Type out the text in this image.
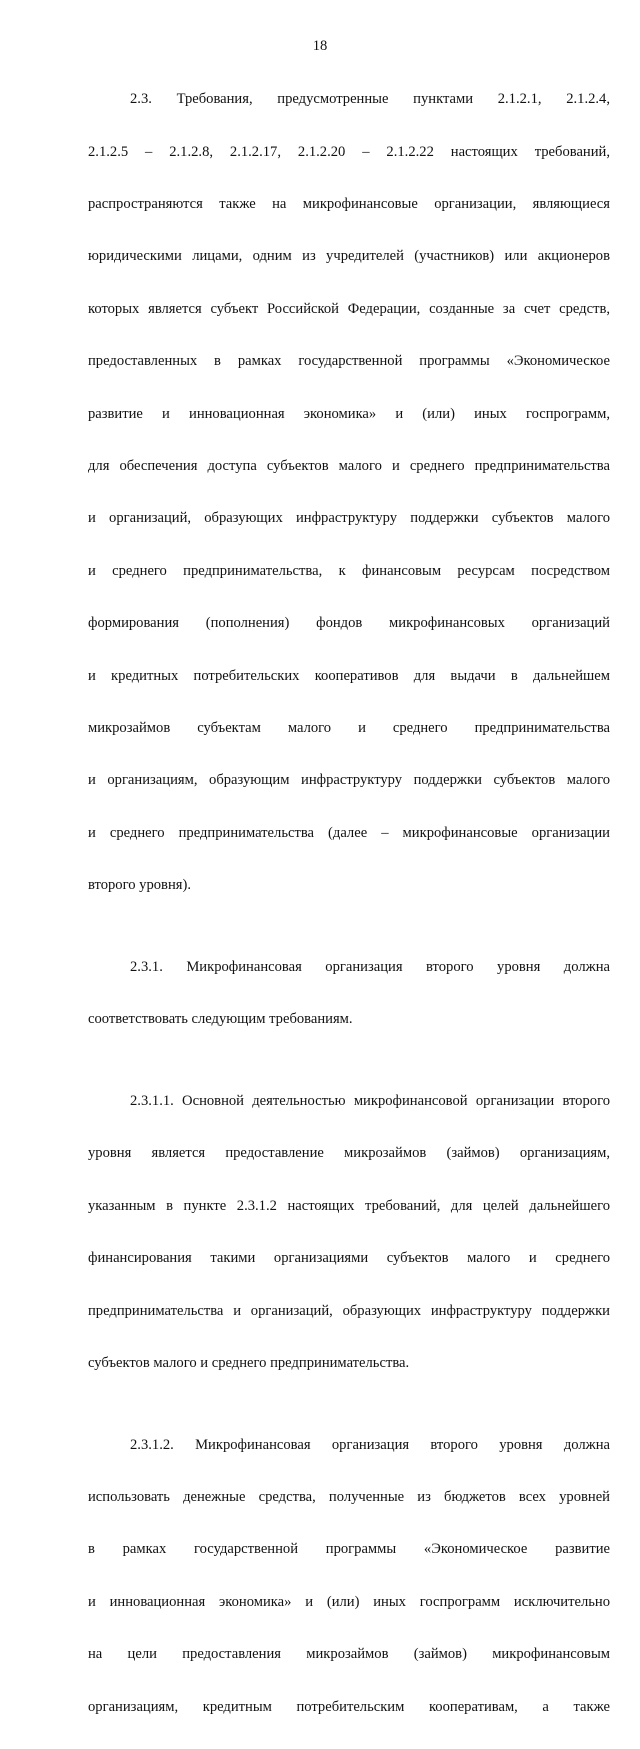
18

2.3. Требования, предусмотренные пунктами 2.1.2.1, 2.1.2.4,

2.1.2.5 – 2.1.2.8, 2.1.2.17, 2.1.2.20 – 2.1.2.22 настоящих требований,

распространяются также на микрофинансовые организации, являющиеся

юридическими лицами, одним из учредителей (участников) или акционеров

которых является субъект Российской Федерации, созданные за счет средств,

предоставленных в рамках государственной программы «Экономическое

развитие и инновационная экономика» и (или) иных госпрограмм,

для обеспечения доступа субъектов малого и среднего предпринимательства

и организаций, образующих инфраструктуру поддержки субъектов малого

и среднего предпринимательства, к финансовым ресурсам посредством

формирования (пополнения) фондов микрофинансовых организаций

и кредитных потребительских кооперативов для выдачи в дальнейшем

микрозаймов субъектам малого и среднего предпринимательства

и организациям, образующим инфраструктуру поддержки субъектов малого

и среднего предпринимательства (далее – микрофинансовые организации

второго уровня).

2.3.1. Микрофинансовая организация второго уровня должна

соответствовать следующим требованиям.

2.3.1.1. Основной деятельностью микрофинансовой организации второго

уровня является предоставление микрозаймов (займов) организациям,

указанным в пункте 2.3.1.2 настоящих требований, для целей дальнейшего

финансирования такими организациями субъектов малого и среднего

предпринимательства и организаций, образующих инфраструктуру поддержки

субъектов малого и среднего предпринимательства.

2.3.1.2. Микрофинансовая организация второго уровня должна

использовать денежные средства, полученные из бюджетов всех уровней

в рамках государственной программы «Экономическое развитие

и инновационная экономика» и (или) иных госпрограмм исключительно

на цели предоставления микрозаймов (займов) микрофинансовым

организациям, кредитным потребительским кооперативам, а также
